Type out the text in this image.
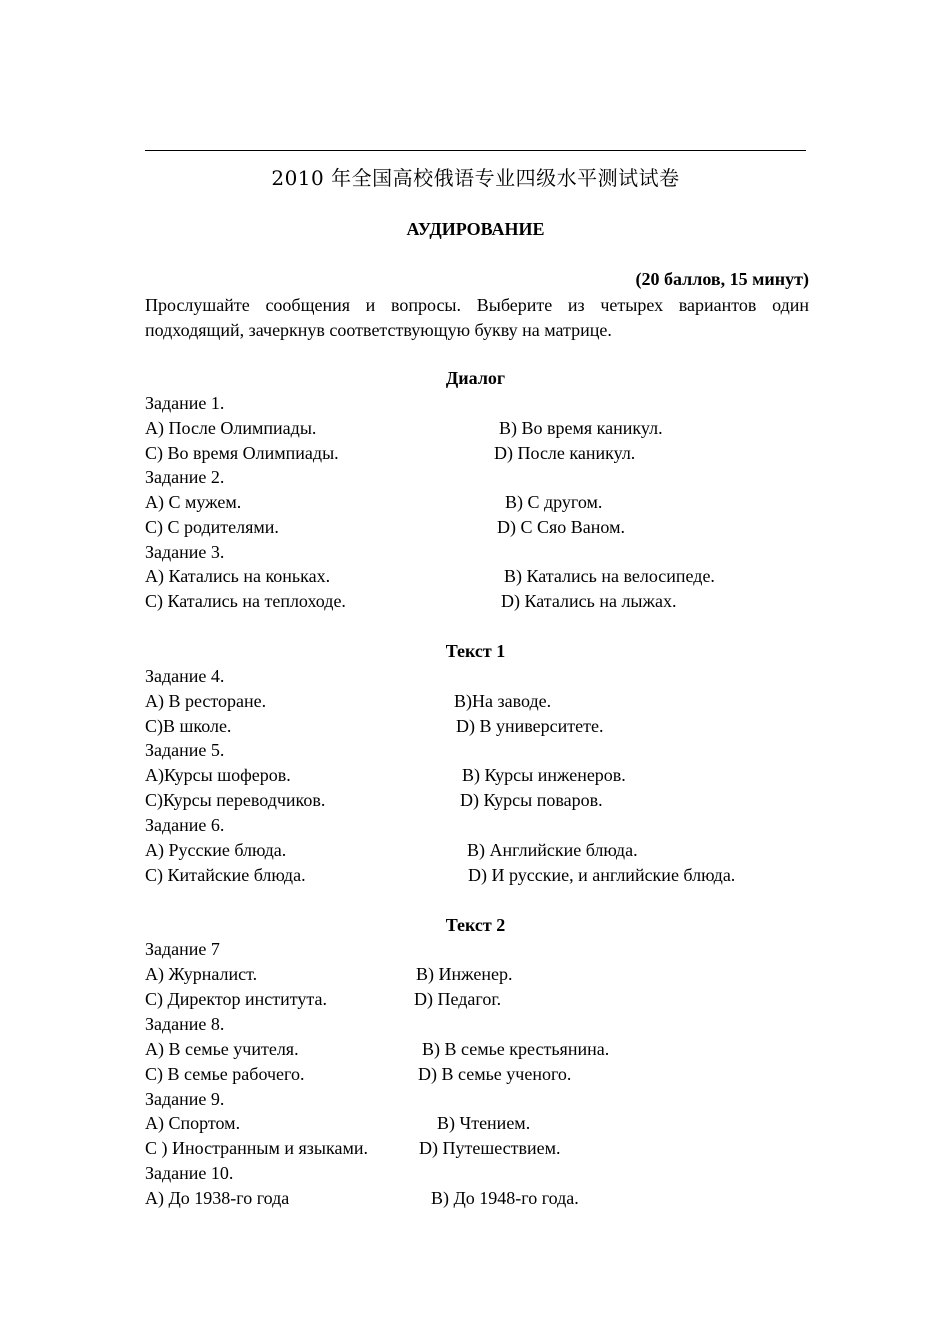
2010 年全国高校俄语专业四级水平测试试卷
АУДИРОВАНИЕ
(20 баллов, 15 минут)
Прослушайте сообщения и вопросы. Выберите из четырех вариантов один подходящий, зачеркнув соответствующую букву на матрице.
Диалог
Задание 1.
А) После Олимпиады.	В) Во время каникул.
С) Во время Олимпиады.	D) После каникул.
Задание 2.
А) С мужем.	В) С другом.
С) С родителями.	D) С Сяо Ваном.
Задание 3.
А) Катались на коньках.	В) Катались на велосипеде.
С) Катались на теплоходе.	D) Катались на лыжах.
Текст 1
Задание 4.
А) В ресторане.	В)На заводе.
С)В школе.	D) В университете.
Задание 5.
А)Курсы шоферов.	В) Курсы инженеров.
С)Курсы переводчиков.	D) Курсы поваров.
Задание 6.
А) Русские блюда.	В) Английские блюда.
С) Китайские блюда.	D) И русские, и английские блюда.
Текст 2
Задание 7
А) Журналист.	В) Инженер.
С) Директор института.	D) Педагог.
Задание 8.
А) В семье учителя.	В) В семье крестьянина.
С) В семье рабочего.	D) В семье ученого.
Задание 9.
А) Спортом.	В) Чтением.
С ) Иностранным и языками.	D) Путешествием.
Задание 10.
А) До 1938-го года	В) До 1948-го года.
